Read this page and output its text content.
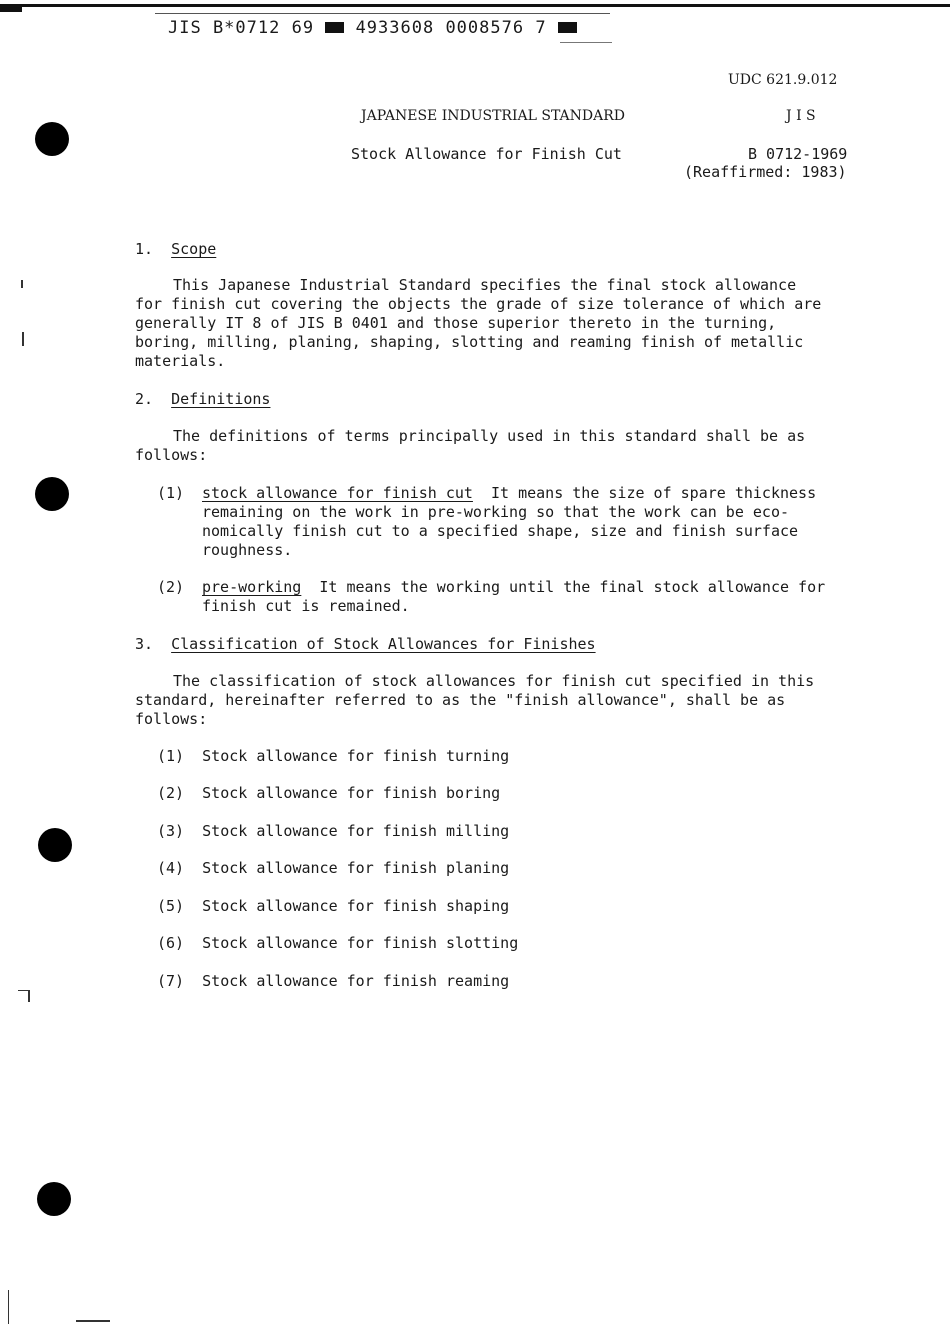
JIS B*0712 69 4933608 0008576 7
UDC 621.9.012
JAPANESE INDUSTRIAL STANDARD	J I S
Stock Allowance for Finish Cut	B 0712-1969
(Reaffirmed: 1983)
1. Scope
This Japanese Industrial Standard specifies the final stock allowance
for finish cut covering the objects the grade of size tolerance of which are
generally IT 8 of JIS B 0401 and those superior thereto in the turning,
boring, milling, planing, shaping, slotting and reaming finish of metallic
materials.
2. Definitions
The definitions of terms principally used in this standard shall be as
follows:
(1) stock allowance for finish cut It means the size of spare thickness
remaining on the work in pre-working so that the work can be eco-
nomically finish cut to a specified shape, size and finish surface
roughness.
(2) pre-working It means the working until the final stock allowance for
finish cut is remained.
3. Classification of Stock Allowances for Finishes
The classification of stock allowances for finish cut specified in this
standard, hereinafter referred to as the "finish allowance", shall be as
follows:
(1) Stock allowance for finish turning
(2) Stock allowance for finish boring
(3) Stock allowance for finish milling
(4) Stock allowance for finish planing
(5) Stock allowance for finish shaping
(6) Stock allowance for finish slotting
(7) Stock allowance for finish reaming
